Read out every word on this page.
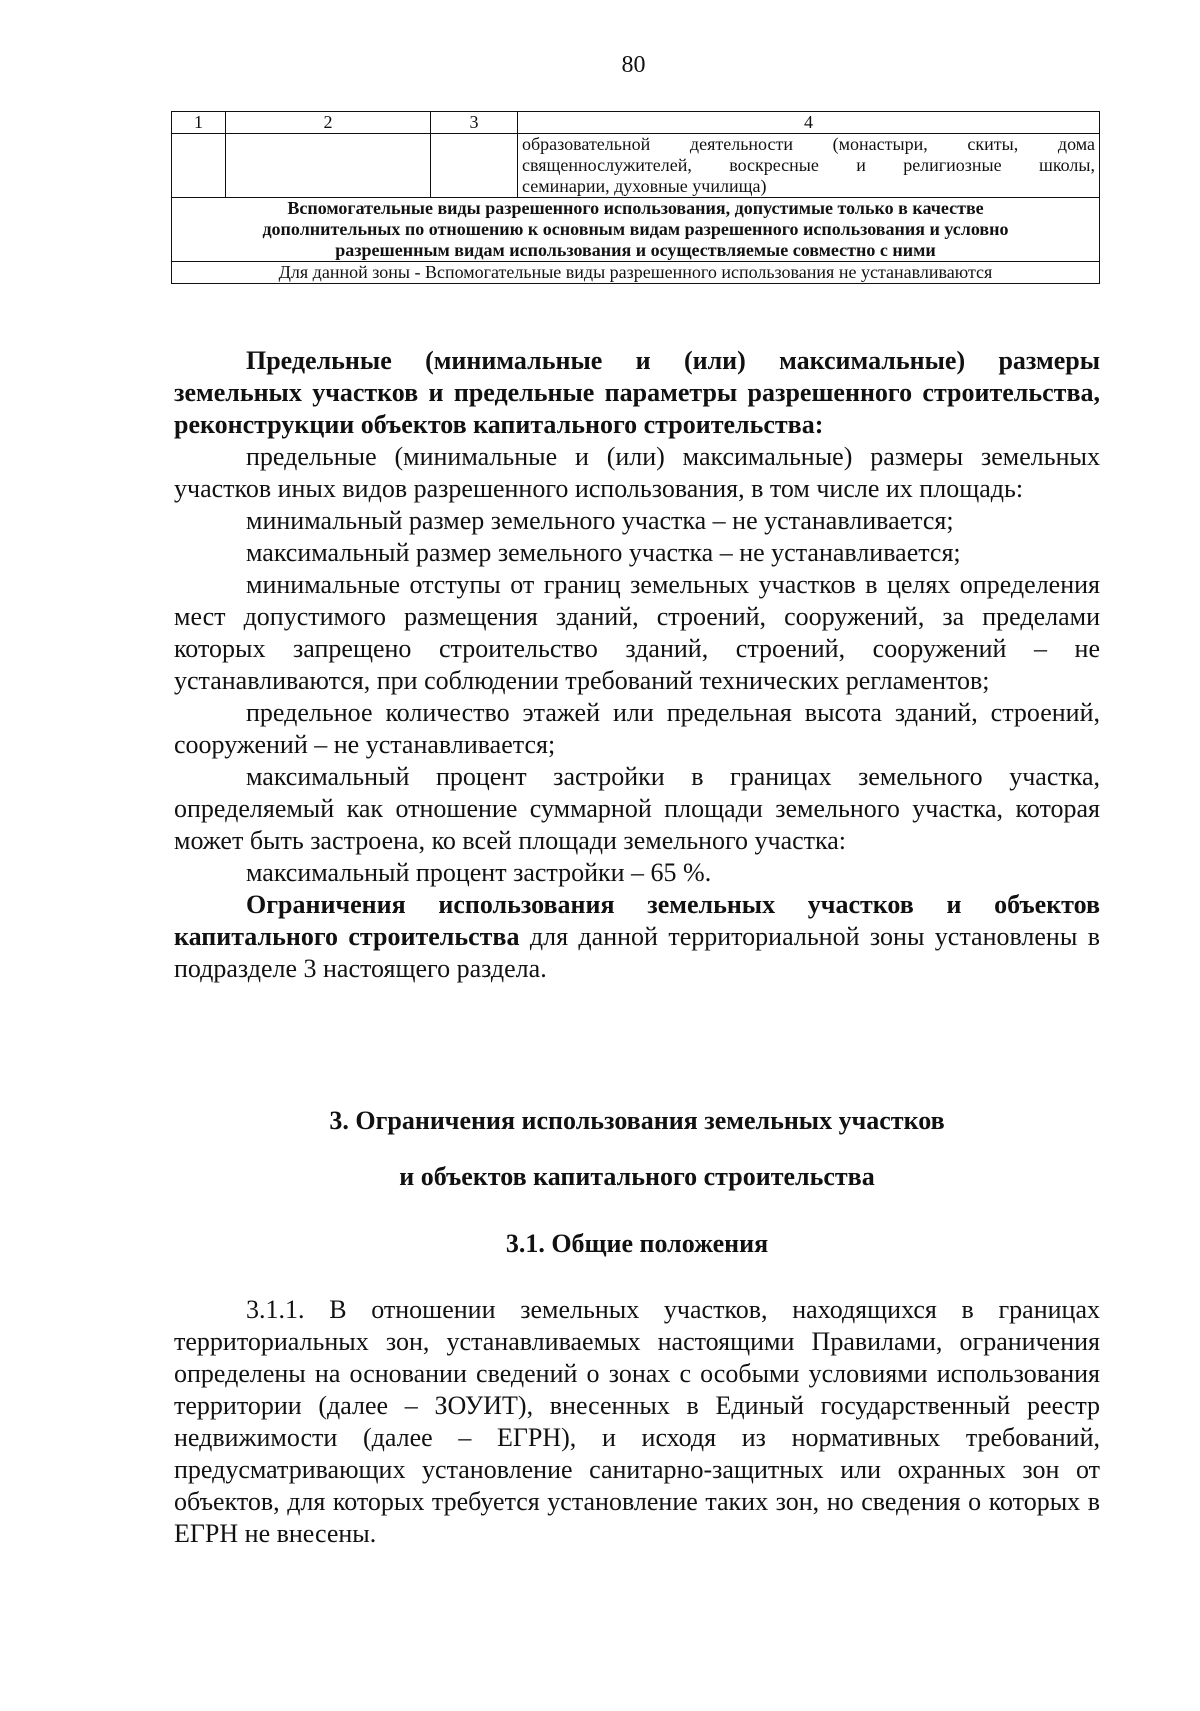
80
1	2	3	4

			образовательной деятельности (монастыри, скиты, дома
священнослужителей, воскресные и религиозные школы,
семинарии, духовные училища)

Вспомогательные виды разрешенного использования, допустимые только в качестве
дополнительных по отношению к основным видам разрешенного использования и условно
разрешенным видам использования и осуществляемые совместно с ними			

Для данной зоны - Вспомогательные виды разрешенного использования не устанавливаются			
Предельные (минимальные и (или) максимальные) размеры земельных участков и предельные параметры разрешенного строительства, реконструкции объектов капитального строительства:
предельные (минимальные и (или) максимальные) размеры земельных участков иных видов разрешенного использования, в том числе их площадь:
минимальный размер земельного участка – не устанавливается;
максимальный размер земельного участка – не устанавливается;
минимальные отступы от границ земельных участков в целях определения мест допустимого размещения зданий, строений, сооружений, за пределами которых запрещено строительство зданий, строений, сооружений – не устанавливаются, при соблюдении требований технических регламентов;
предельное количество этажей или предельная высота зданий, строений, сооружений – не устанавливается;
максимальный процент застройки в границах земельного участка, определяемый как отношение суммарной площади земельного участка, которая может быть застроена, ко всей площади земельного участка:
максимальный процент застройки – 65 %.
Ограничения использования земельных участков и объектов капитального строительства для данной территориальной зоны установлены в подразделе 3 настоящего раздела.
3. Ограничения использования земельных участков
и объектов капитального строительства
3.1. Общие положения
3.1.1. В отношении земельных участков, находящихся в границах территориальных зон, устанавливаемых настоящими Правилами, ограничения определены на основании сведений о зонах с особыми условиями использования территории (далее – ЗОУИТ), внесенных в Единый государственный реестр недвижимости (далее – ЕГРН), и исходя из нормативных требований, предусматривающих установление санитарно-защитных или охранных зон от объектов, для которых требуется установление таких зон, но сведения о которых в ЕГРН не внесены.
